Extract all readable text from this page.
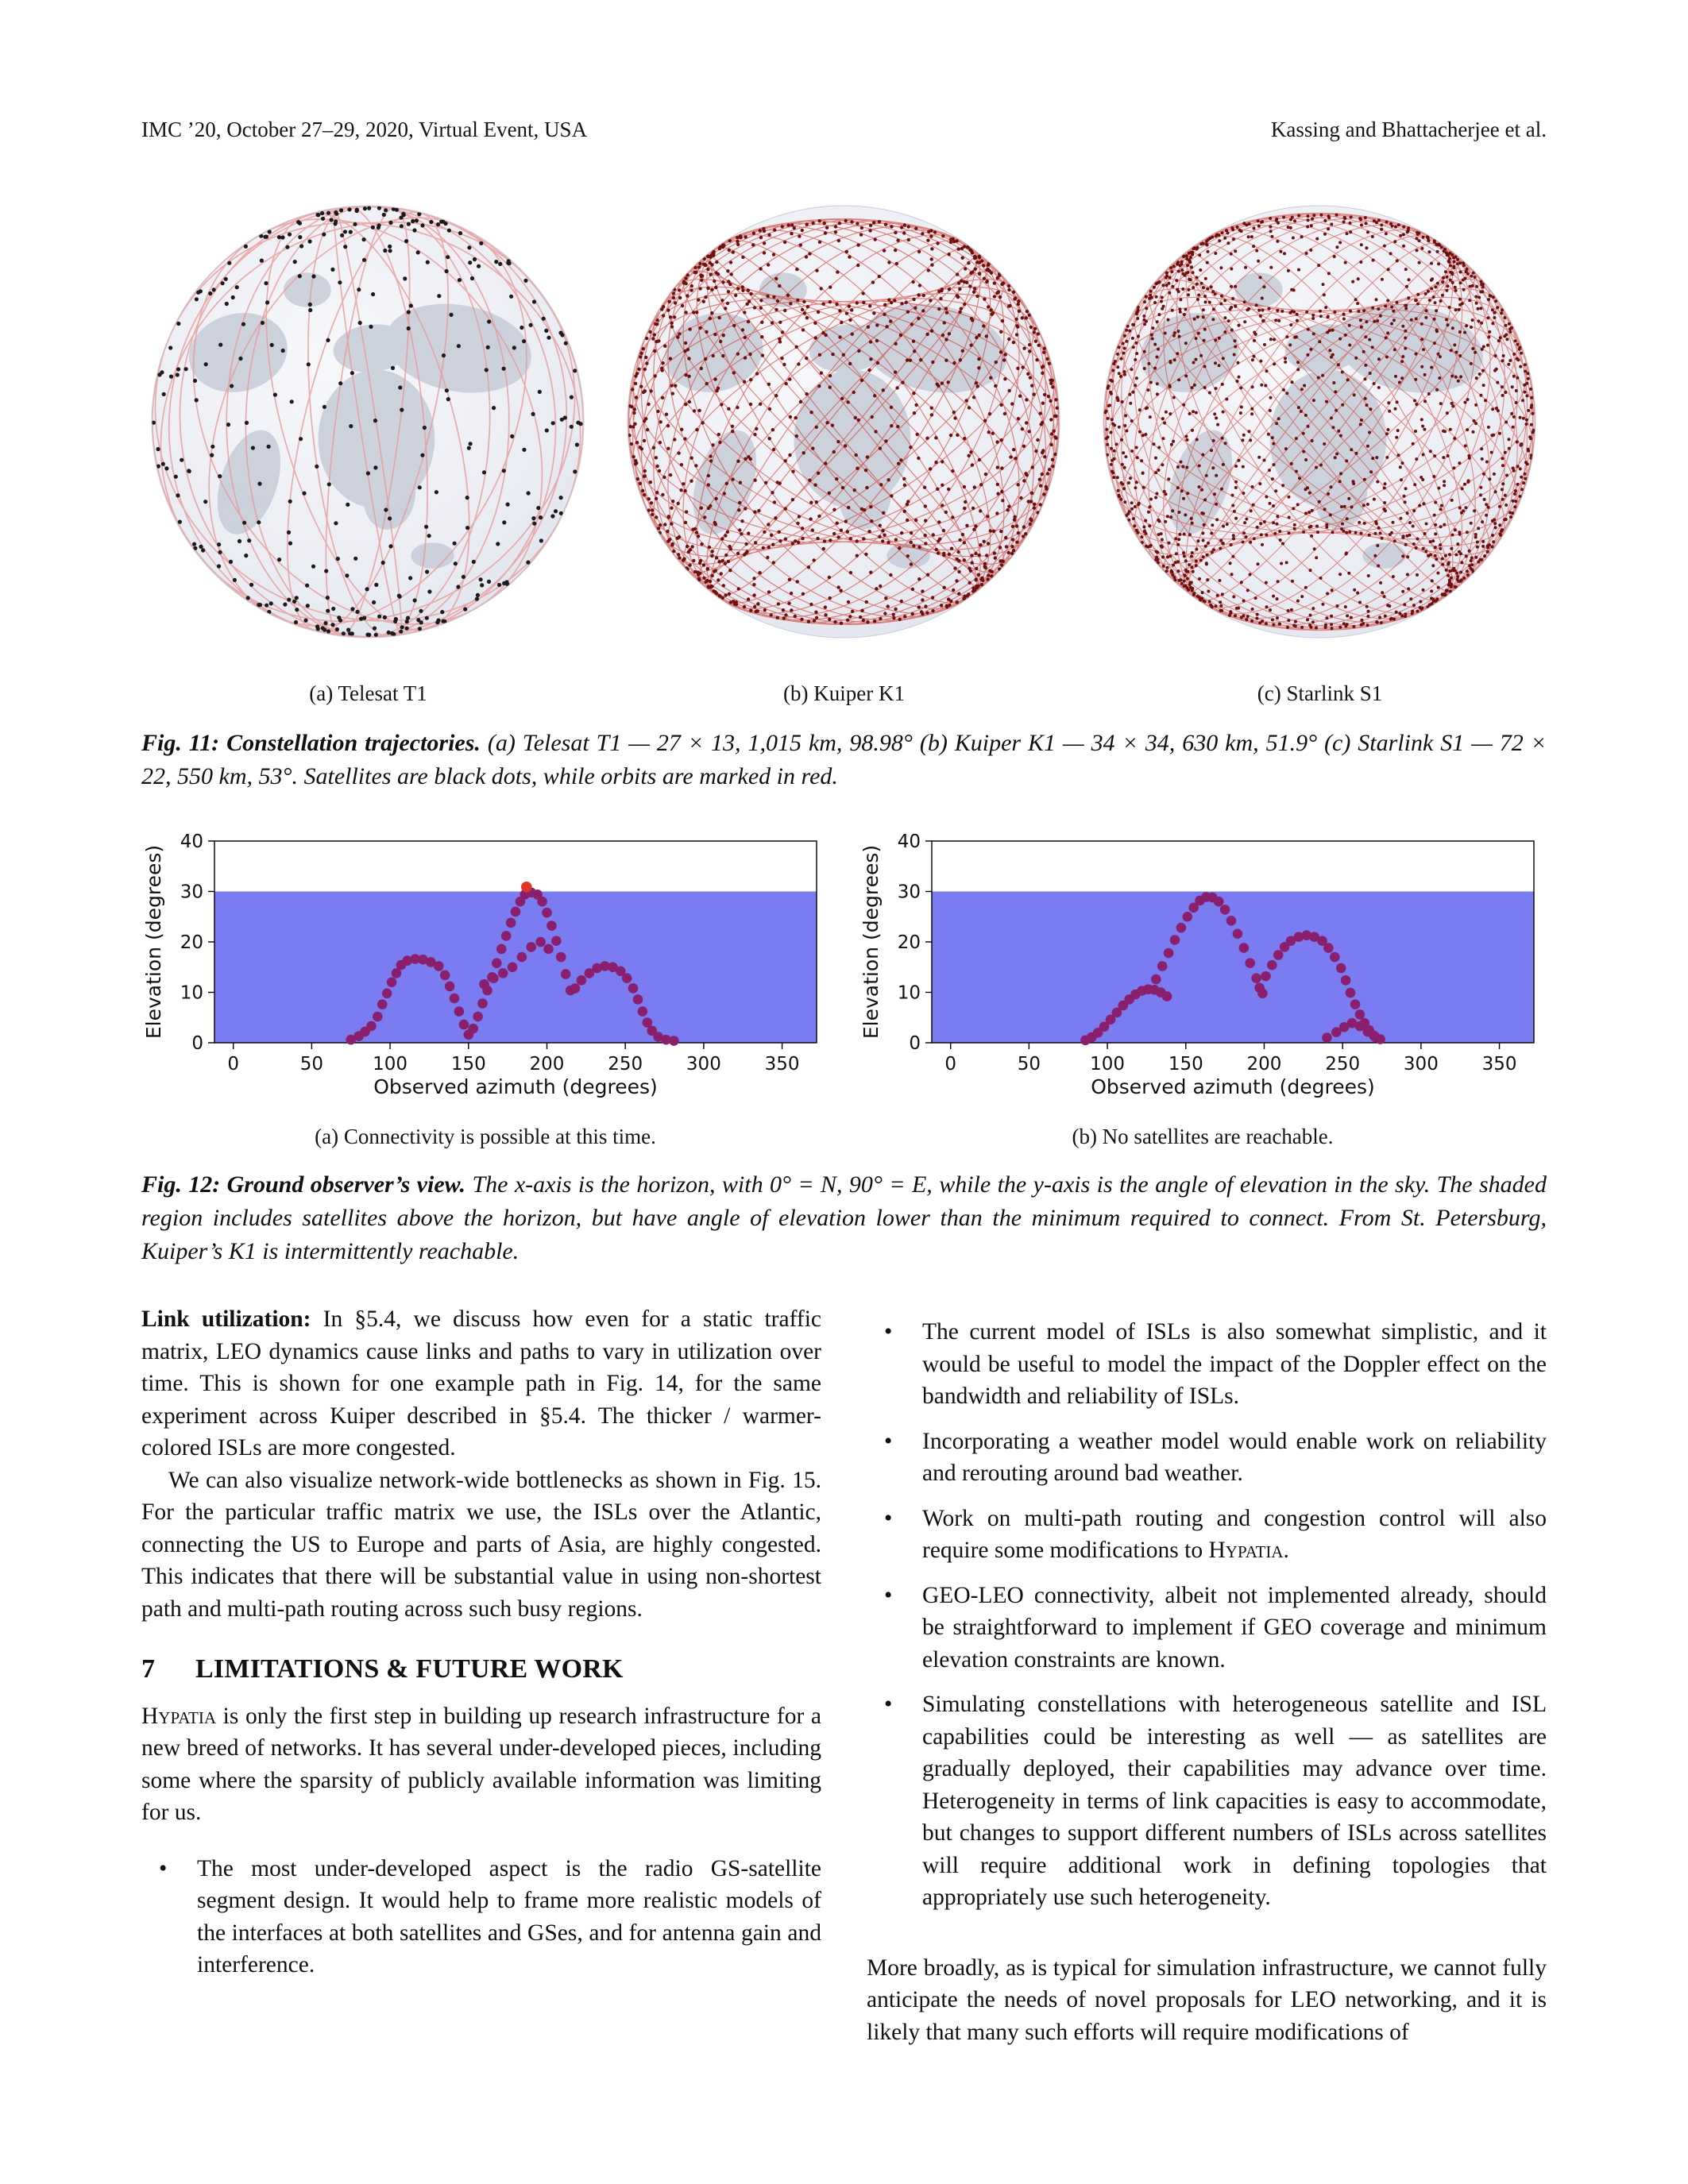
IMC ’20, October 27–29, 2020, Virtual Event, USA	Kassing and Bhattacherjee et al.
(a) Telesat T1	(b) Kuiper K1	(c) Starlink S1

Fig. 11: Constellation trajectories. (a) Telesat T1 — 27 × 13, 1,015 km, 98.98° (b) Kuiper K1 — 34 × 34, 630 km, 51.9° (c) Starlink S1 — 72 × 22, 550 km, 53°. Satellites are black dots, while orbits are marked in red.

0	50	100 150 200 250 300 350
0
10
20
30
40
Observed azimuth (degrees)
Elevation (degrees)
(a) Connectivity is possible at this time.
0	50	100 150 200 250 300 350
0
10
20
30
40
Observed azimuth (degrees)
Elevation (degrees)
(b) No satellites are reachable.

Fig. 12: Ground observer’s view. The x-axis is the horizon, with 0° = N, 90° = E, while the y-axis is the angle of elevation in the sky. The shaded region includes satellites above the horizon, but have angle of elevation lower than the minimum required to connect. From St. Petersburg, Kuiper’s K1 is intermittently reachable.

Link utilization: In §5.4, we discuss how even for a static traffic matrix, LEO dynamics cause links and paths to vary in utilization over time. This is shown for one example path in Fig. 14, for the same experiment across Kuiper described in §5.4. The thicker / warmer-colored ISLs are more congested.

We can also visualize network-wide bottlenecks as shown in Fig. 15. For the particular traffic matrix we use, the ISLs over the Atlantic, connecting the US to Europe and parts of Asia, are highly congested. This indicates that there will be substantial value in using non-shortest path and multi-path routing across such busy regions.

7	LIMITATIONS & FUTURE WORK

Hypatia is only the first step in building up research infrastructure for a new breed of networks. It has several under-developed pieces, including some where the sparsity of publicly available information was limiting for us.

•	The most under-developed aspect is the radio GS-satellite segment design. It would help to frame more realistic models of the interfaces at both satellites and GSes, and for antenna gain and interference.
•	The current model of ISLs is also somewhat simplistic, and it would be useful to model the impact of the Doppler effect on the bandwidth and reliability of ISLs.
•	Incorporating a weather model would enable work on reliability and rerouting around bad weather.
•	Work on multi-path routing and congestion control will also require some modifications to Hypatia.
•	GEO-LEO connectivity, albeit not implemented already, should be straightforward to implement if GEO coverage and minimum elevation constraints are known.
•	Simulating constellations with heterogeneous satellite and ISL capabilities could be interesting as well — as satellites are gradually deployed, their capabilities may advance over time. Heterogeneity in terms of link capacities is easy to accommodate, but changes to support different numbers of ISLs across satellites will require additional work in defining topologies that appropriately use such heterogeneity.

More broadly, as is typical for simulation infrastructure, we cannot fully anticipate the needs of novel proposals for LEO networking, and it is likely that many such efforts will require modifications of
